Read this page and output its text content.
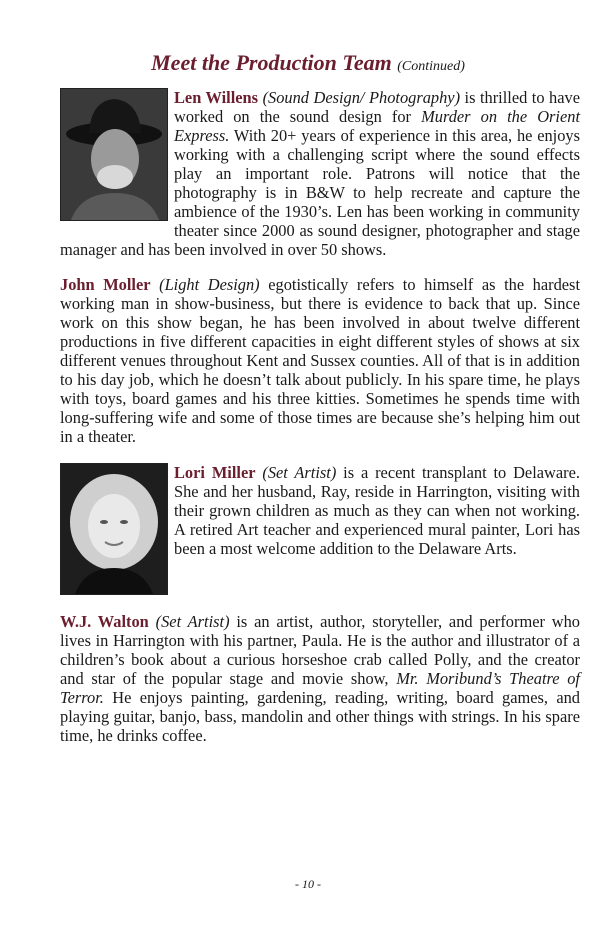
Meet the Production Team (Continued)
Len Willens (Sound Design/ Photography) is thrilled to have worked on the sound design for Murder on the Orient Express. With 20+ years of experience in this area, he enjoys working with a challenging script where the sound effects play an important role. Patrons will notice that the photography is in B&W to help recreate and capture the ambience of the 1930’s. Len has been working in community theater since 2000 as sound designer, photographer and stage manager and has been involved in over 50 shows.
John Moller (Light Design) egotistically refers to himself as the hardest working man in show-business, but there is evidence to back that up. Since work on this show began, he has been involved in about twelve different productions in five different capacities in eight different styles of shows at six different venues throughout Kent and Sussex counties. All of that is in addition to his day job, which he doesn’t talk about publicly. In his spare time, he plays with toys, board games and his three kitties. Sometimes he spends time with long-suffering wife and some of those times are because she’s helping him out in a theater.
Lori Miller (Set Artist) is a recent transplant to Delaware. She and her husband, Ray, reside in Harrington, visiting with their grown children as much as they can when not working. A retired Art teacher and experienced mural painter, Lori has been a most welcome addition to the Delaware Arts.
W.J. Walton (Set Artist) is an artist, author, storyteller, and performer who lives in Harrington with his partner, Paula. He is the author and illustrator of a children’s book about a curious horseshoe crab called Polly, and the creator and star of the popular stage and movie show, Mr. Moribund’s Theatre of Terror. He enjoys painting, gardening, reading, writing, board games, and playing guitar, banjo, bass, mandolin and other things with strings. In his spare time, he drinks coffee.
- 10 -
